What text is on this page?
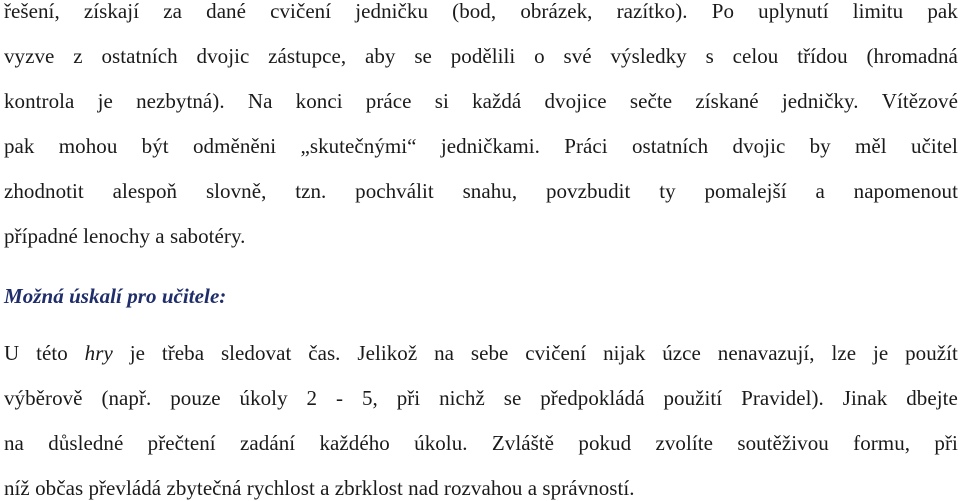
řešení, získají za dané cvičení jedničku (bod, obrázek, razítko). Po uplynutí limitu pak
vyzve z ostatních dvojic zástupce, aby se podělili o své výsledky s celou třídou (hromadná
kontrola je nezbytná). Na konci práce si každá dvojice sečte získané jedničky. Vítězové
pak mohou být odměněni „skutečnými“ jedničkami. Práci ostatních dvojic by měl učitel
zhodnotit alespoň slovně, tzn. pochválit snahu, povzbudit ty pomalejší a napomenout
případné lenochy a sabotéry.
Možná úskalí pro učitele:
U této hry je třeba sledovat čas. Jelikož na sebe cvičení nijak úzce nenavazují, lze je použít
výběrově (např. pouze úkoly 2 - 5, při nichž se předpokládá použití Pravidel). Jinak dbejte
na důsledné přečtení zadání každého úkolu. Zvláště pokud zvolíte soutěživou formu, při
níž občas převládá zbytečná rychlost a zbrklost nad rozvahou a správností.
